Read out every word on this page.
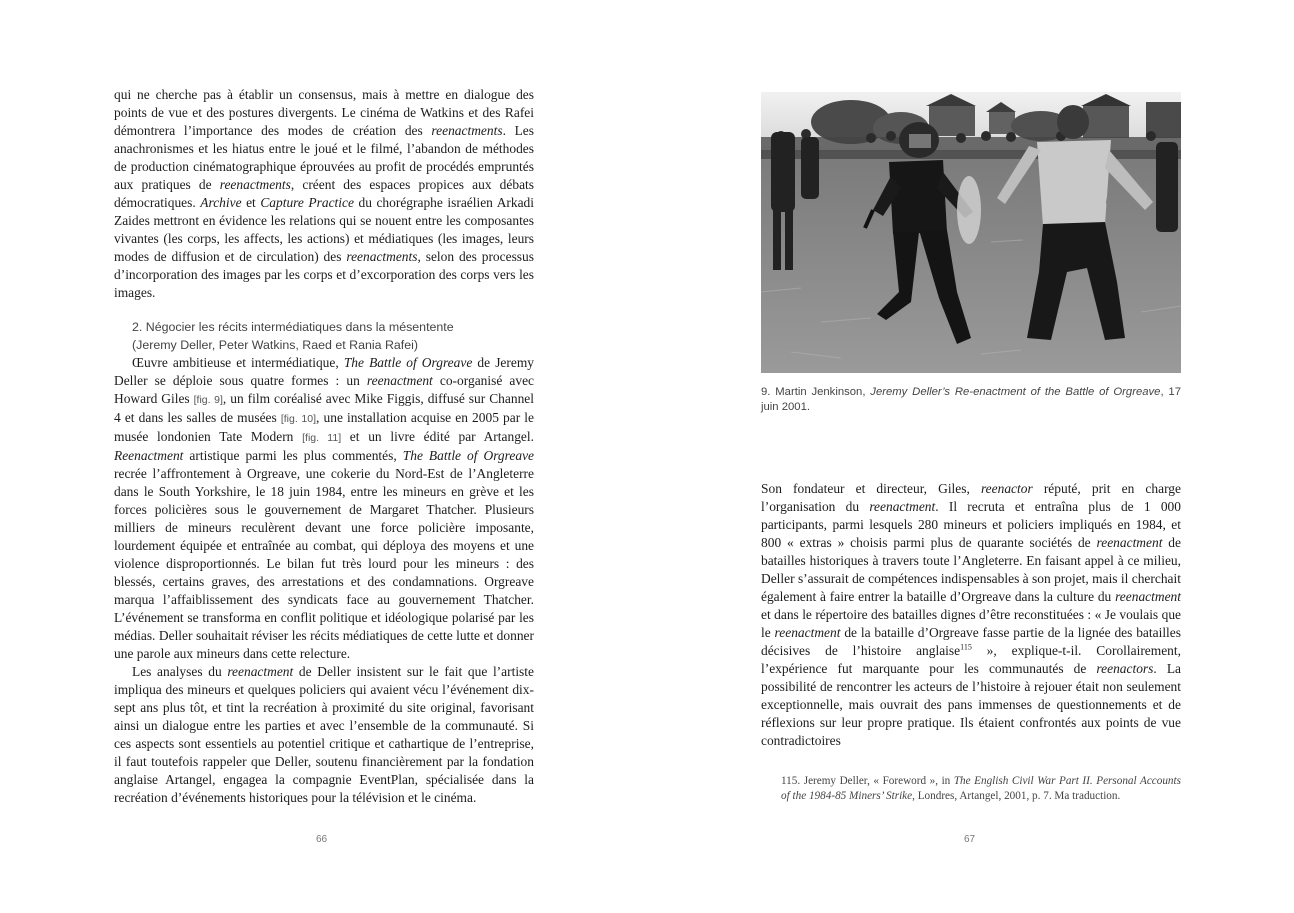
qui ne cherche pas à établir un consensus, mais à mettre en dialogue des points de vue et des postures divergents. Le cinéma de Watkins et des Rafei démontrera l’importance des modes de création des reenactments. Les anachronismes et les hiatus entre le joué et le filmé, l’abandon de méthodes de production cinématographique éprouvées au profit de procédés empruntés aux pratiques de reenactments, créent des espaces propices aux débats démocratiques. Archive et Capture Practice du chorégraphe israélien Arkadi Zaides mettront en évidence les relations qui se nouent entre les composantes vivantes (les corps, les affects, les actions) et médiatiques (les images, leurs modes de diffusion et de circulation) des reenactments, selon des processus d’incorporation des images par les corps et d’excorporation des corps vers les images.

2. Négocier les récits intermédiatiques dans la mésentente
(Jeremy Deller, Peter Watkins, Raed et Rania Rafei)

Œuvre ambitieuse et intermédiatique, The Battle of Orgreave de Jeremy Deller se déploie sous quatre formes : un reenactment co-organisé avec Howard Giles [fig. 9], un film coréalisé avec Mike Figgis, diffusé sur Channel 4 et dans les salles de musées [fig. 10], une installation acquise en 2005 par le musée londonien Tate Modern [fig. 11] et un livre édité par Artangel. Reenactment artistique parmi les plus commentés, The Battle of Orgreave recrée l’affrontement à Orgreave, une cokerie du Nord-Est de l’Angleterre dans le South Yorkshire, le 18 juin 1984, entre les mineurs en grève et les forces policières sous le gouvernement de Margaret Thatcher. Plusieurs milliers de mineurs reculèrent devant une force policière imposante, lourdement équipée et entraînée au combat, qui déploya des moyens et une violence disproportionnés. Le bilan fut très lourd pour les mineurs : des blessés, certains graves, des arrestations et des condamnations. Orgreave marqua l’affaiblissement des syndicats face au gouvernement Thatcher. L’événement se transforma en conflit politique et idéologique polarisé par les médias. Deller souhaitait réviser les récits médiatiques de cette lutte et donner une parole aux mineurs dans cette relecture.

Les analyses du reenactment de Deller insistent sur le fait que l’artiste impliqua des mineurs et quelques policiers qui avaient vécu l’événement dix-sept ans plus tôt, et tint la recréation à proximité du site original, favorisant ainsi un dialogue entre les parties et avec l’ensemble de la communauté. Si ces aspects sont essentiels au potentiel critique et cathartique de l’entreprise, il faut toutefois rappeler que Deller, soutenu financièrement par la fondation anglaise Artangel, engagea la compagnie EventPlan, spécialisée dans la recréation d’événements historiques pour la télévision et le cinéma.

66
9. Martin Jenkinson, Jeremy Deller’s Re-enactment of the Battle of Orgreave, 17 juin 2001.

Son fondateur et directeur, Giles, reenactor réputé, prit en charge l’organisation du reenactment. Il recruta et entraîna plus de 1 000 participants, parmi lesquels 280 mineurs et policiers impliqués en 1984, et 800 « extras » choisis parmi plus de quarante sociétés de reenactment de batailles historiques à travers toute l’Angleterre. En faisant appel à ce milieu, Deller s’assurait de compétences indispensables à son projet, mais il cherchait également à faire entrer la bataille d’Orgreave dans la culture du reenactment et dans le répertoire des batailles dignes d’être reconstituées : « Je voulais que le reenactment de la bataille d’Orgreave fasse partie de la lignée des batailles décisives de l’histoire anglaise$^{115}$ », explique-t-il. Corollairement, l’expérience fut marquante pour les communautés de reenactors. La possibilité de rencontrer les acteurs de l’histoire à rejouer était non seulement exceptionnelle, mais ouvrait des pans immenses de questionnements et de réflexions sur leur propre pratique. Ils étaient confrontés aux points de vue contradictoires

115. Jeremy Deller, « Foreword », in The English Civil War Part II. Personal Accounts of the 1984-85 Miners’ Strike, Londres, Artangel, 2001, p. 7. Ma traduction.
67
